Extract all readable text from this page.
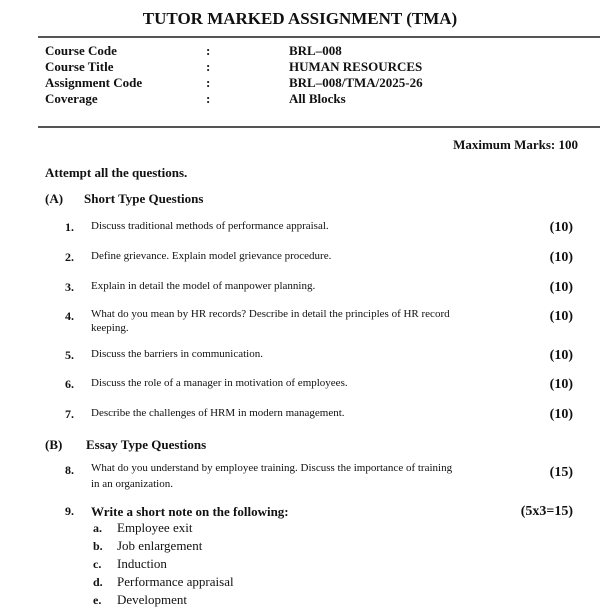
TUTOR MARKED ASSIGNMENT (TMA)
Course Code	:	BRL–008
Course Title	:	HUMAN RESOURCES
Assignment Code	:	BRL–008/TMA/2025-26
Coverage	:	All Blocks
Maximum Marks: 100
Attempt all the questions.
(A) Short Type Questions
1. Discuss traditional methods of performance appraisal.	(10)
2. Define grievance. Explain model grievance procedure.	(10)
3. Explain in detail the model of manpower planning.	(10)
4. What do you mean by HR records? Describe in detail the principles of HR record
keeping.
(10)
5. Discuss the barriers in communication.	(10)
6. Discuss the role of a manager in motivation of employees.	(10)
7. Describe the challenges of HRM in modern management.	(10)
(B) Essay Type Questions
8. What do you understand by employee training. Discuss the importance of training
in an organization.
(15)
9. Write a short note on the following:	(5x3=15)
a. Employee exit
b. Job enlargement
c. Induction
d. Performance appraisal
e. Development
